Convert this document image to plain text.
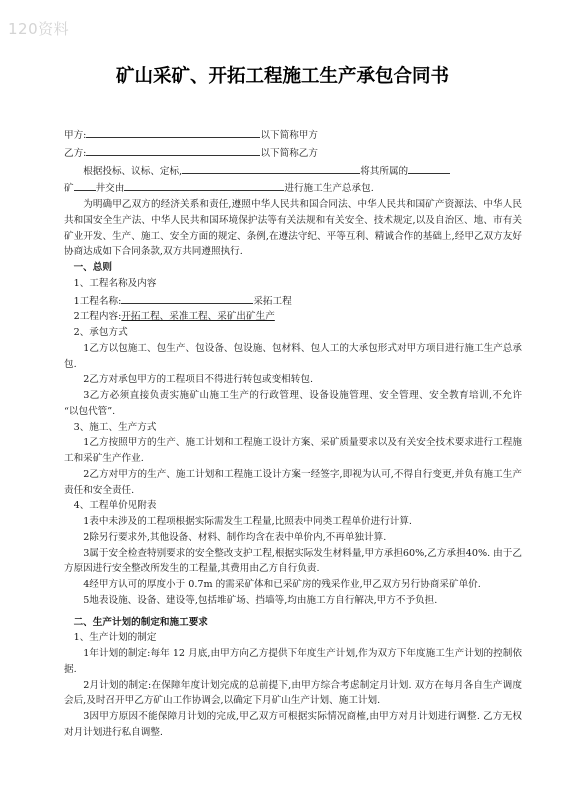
120资料
矿山采矿、开拓工程施工生产承包合同书

甲方:	以下简称甲方

乙方:	以下简称乙方

根据投标、议标、定标,	将其所属的

矿 井交由	进行施工生产总承包.

为明确甲乙双方的经济关系和责任,遵照中华人民共和国合同法、中华人民共和国矿产资源法、中华人民共和国安全生产法、中华人民共和国环境保护法等有关法规和有关安全、技术规定,以及自治区、地、市有关矿业开发、生产、施工、安全方面的规定、条例,在遵法守纪、平等互利、精诚合作的基础上,经甲乙双方友好协商达成如下合同条款,双方共同遵照执行.

一、总则

1、工程名称及内容

1工程名称:	采拓工程

2工程内容:开拓工程、采准工程、采矿出矿生产

2、承包方式

1乙方以包施工、包生产、包设备、包设施、包材料、包人工的大承包形式对甲方项目进行施工生产总承包.

2乙方对承包甲方的工程项目不得进行转包或变相转包.

3乙方必须直接负责实施矿山施工生产的行政管理、设备设施管理、安全管理、安全教育培训,不允许 “以包代管”.

3、施工、生产方式

1乙方按照甲方的生产、施工计划和工程施工设计方案、采矿质量要求以及有关安全技术要求进行工程施工和采矿生产作业.

2乙方对甲方的生产、施工计划和工程施工设计方案一经签字,即视为认可,不得自行变更,并负有施工生产责任和安全责任.

4、工程单价见附表

1表中未涉及的工程项根据实际需发生工程量,比照表中同类工程单价进行计算.

2除另行要求外,其他设备、材料、制作均含在表中单价内,不再单独计算.

3属于安全检查特别要求的安全整改支护工程,根据实际发生材料量,甲方承担60%,乙方承担40%. 由于乙方原因进行安全整改所发生的工程量,其费用由乙方自行负责.

4经甲方认可的厚度小于 0.7m 的需采矿体和已采矿房的残采作业,甲乙双方另行协商采矿单价.

5地表设施、设备、建设等,包括堆矿场、挡墙等,均由施工方自行解决,甲方不予负担.

二、生产计划的制定和施工要求

1、生产计划的制定

1年计划的制定:每年 12 月底,由甲方向乙方提供下年度生产计划,作为双方下年度施工生产计划的控制依据.

2月计划的制定:在保障年度计划完成的总前提下,由甲方综合考虑制定月计划. 双方在每月各自生产调度会后,及时召开甲乙方矿山工作协调会,以确定下月矿山生产计划、施工计划.

3因甲方原因不能保障月计划的完成,甲乙双方可根据实际情况商榷,由甲方对月计划进行调整. 乙方无权对月计划进行私自调整.
